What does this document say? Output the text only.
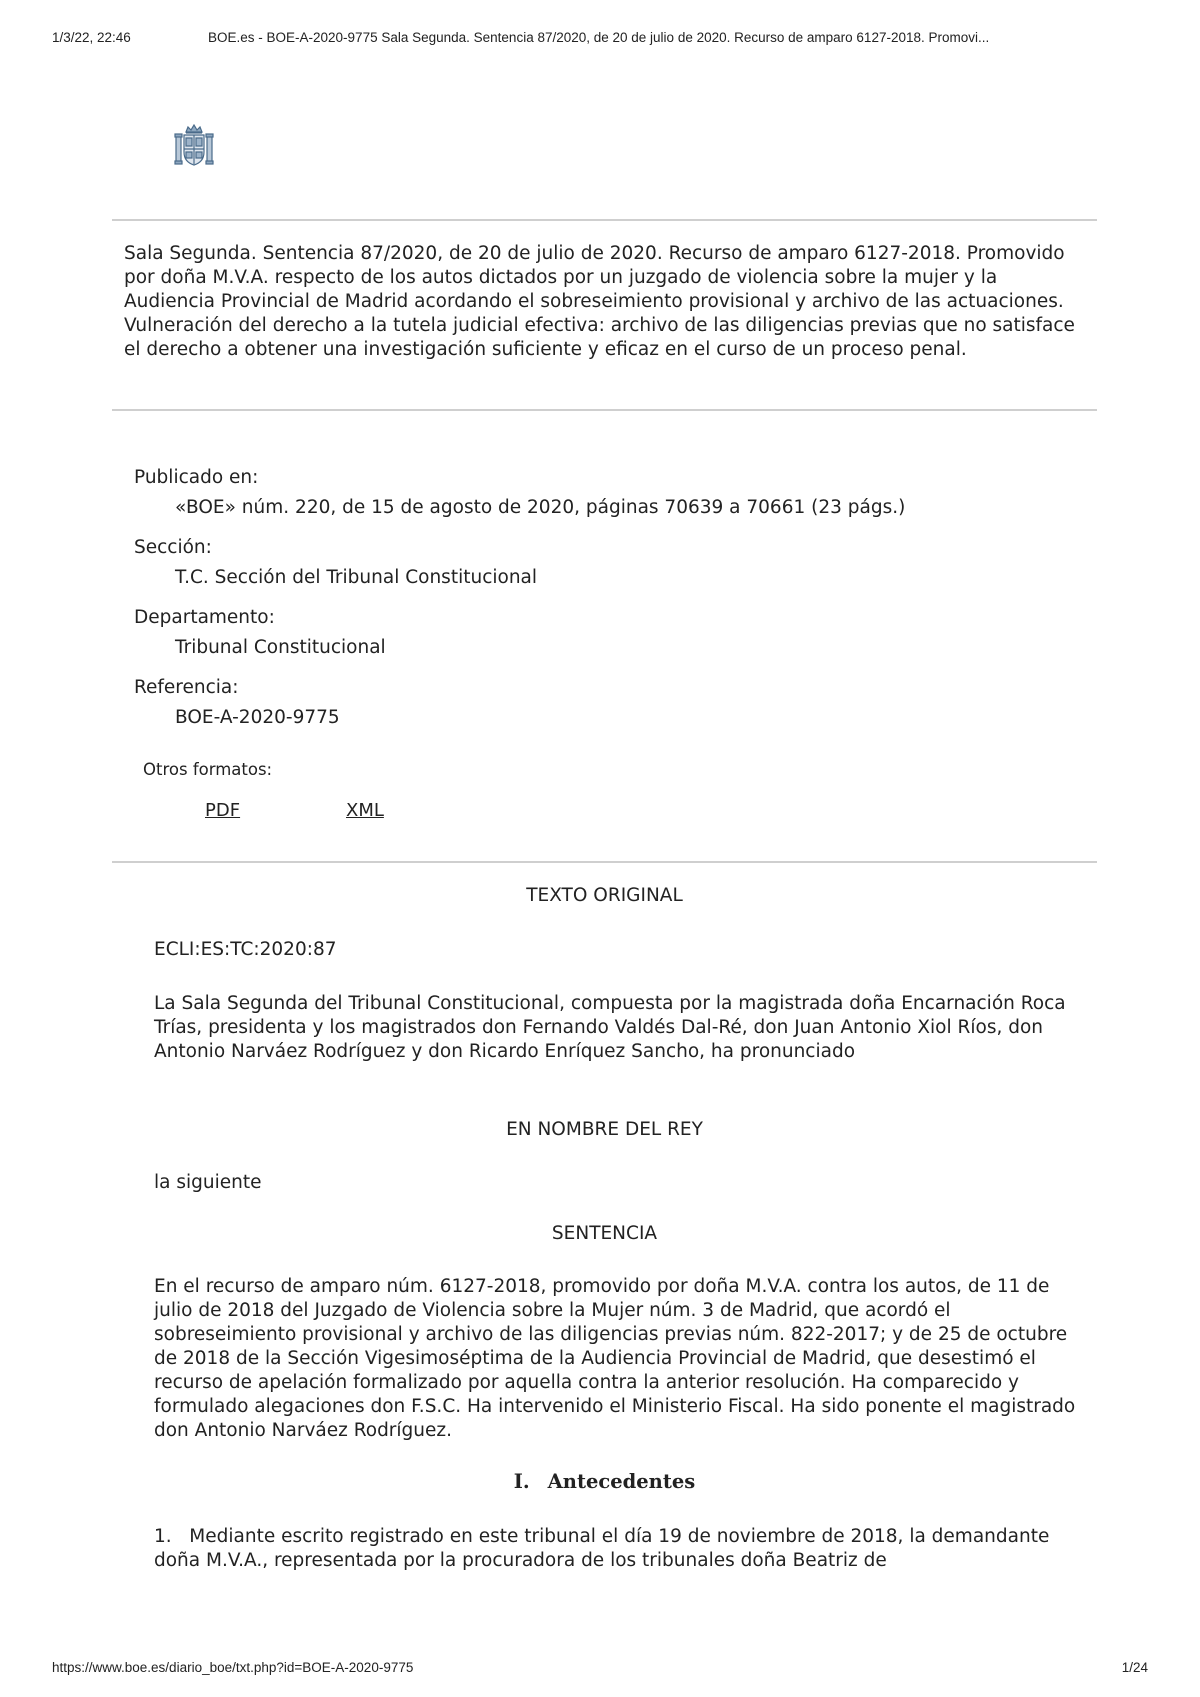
1/3/22, 22:46	BOE.es - BOE-A-2020-9775 Sala Segunda. Sentencia 87/2020, de 20 de julio de 2020. Recurso de amparo 6127-2018. Promovi...
Sala Segunda. Sentencia 87/2020, de 20 de julio de 2020. Recurso de amparo 6127-2018. Promovido por doña M.V.A. respecto de los autos dictados por un juzgado de violencia sobre la mujer y la Audiencia Provincial de Madrid acordando el sobreseimiento provisional y archivo de las actuaciones. Vulneración del derecho a la tutela judicial efectiva: archivo de las diligencias previas que no satisface el derecho a obtener una investigación suficiente y eficaz en el curso de un proceso penal.

Publicado en:

«BOE» núm. 220, de 15 de agosto de 2020, páginas 70639 a 70661 (23 págs.)

Sección:

T.C. Sección del Tribunal Constitucional

Departamento:

Tribunal Constitucional

Referencia:

BOE-A-2020-9775

Otros formatos:
PDF	XML
TEXTO ORIGINAL
ECLI:ES:TC:2020:87
La Sala Segunda del Tribunal Constitucional, compuesta por la magistrada doña Encarnación Roca Trías, presidenta y los magistrados don Fernando Valdés Dal-Ré, don Juan Antonio Xiol Ríos, don Antonio Narváez Rodríguez y don Ricardo Enríquez Sancho, ha pronunciado
EN NOMBRE DEL REY
la siguiente
SENTENCIA
En el recurso de amparo núm. 6127-2018, promovido por doña M.V.A. contra los autos, de 11 de julio de 2018 del Juzgado de Violencia sobre la Mujer núm. 3 de Madrid, que acordó el sobreseimiento provisional y archivo de las diligencias previas núm. 822-2017; y de 25 de octubre de 2018 de la Sección Vigesimoséptima de la Audiencia Provincial de Madrid, que desestimó el recurso de apelación formalizado por aquella contra la anterior resolución. Ha comparecido y formulado alegaciones don F.S.C. Ha intervenido el Ministerio Fiscal. Ha sido ponente el magistrado don Antonio Narváez Rodríguez.
I. Antecedentes
1.   Mediante escrito registrado en este tribunal el día 19 de noviembre de 2018, la demandante doña M.V.A., representada por la procuradora de los tribunales doña Beatriz de
https://www.boe.es/diario_boe/txt.php?id=BOE-A-2020-9775	1/24
